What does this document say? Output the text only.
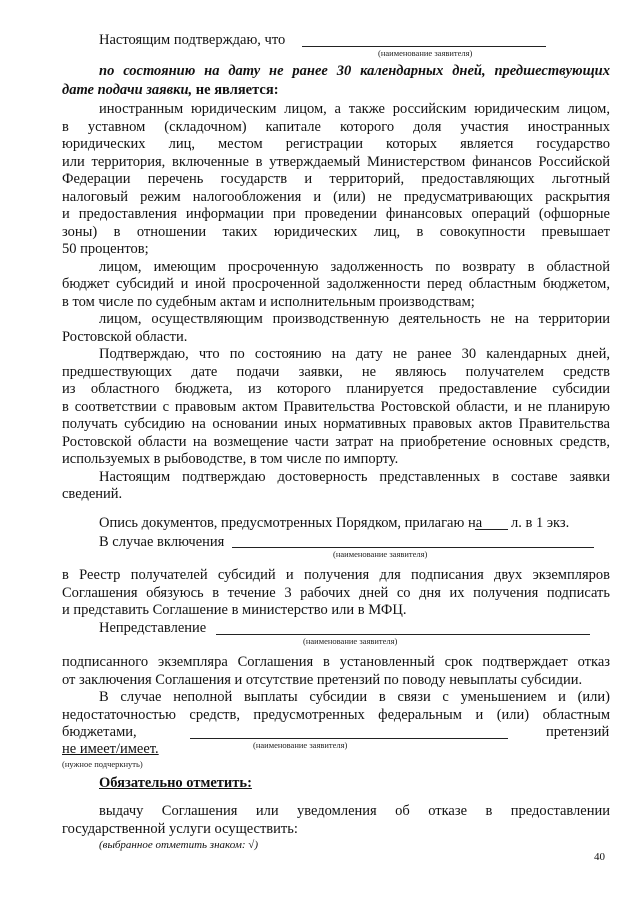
Настоящим подтверждаю, что
(наименование заявителя)

по состоянию на дату не ранее 30 календарных дней, предшествующих

дате подачи заявки, не является:

иностранным юридическим лицом, а также российским юридическим лицом,

в уставном (складочном) капитале которого доля участия иностранных

юридических лиц, местом регистрации которых является государство

или территория, включенные в утверждаемый Министерством финансов Российской

Федерации перечень государств и территорий, предоставляющих льготный

налоговый режим налогообложения и (или) не предусматривающих раскрытия

и предоставления информации при проведении финансовых операций (офшорные

зоны) в отношении таких юридических лиц, в совокупности превышает

50 процентов;

лицом, имеющим просроченную задолженность по возврату в областной

бюджет субсидий и иной просроченной задолженности перед областным бюджетом,

в том числе по судебным актам и исполнительным производствам;

лицом, осуществляющим производственную деятельность не на территории

Ростовской области.

Подтверждаю, что по состоянию на дату не ранее 30 календарных дней,

предшествующих дате подачи заявки, не являюсь получателем средств

из областного бюджета, из которого планируется предоставление субсидии

в соответствии с правовым актом Правительства Ростовской области, и не планирую

получать субсидию на основании иных нормативных правовых актов Правительства

Ростовской области на возмещение части затрат на приобретение основных средств,

используемых в рыбоводстве, в том числе по импорту.

Настоящим подтверждаю достоверность представленных в составе заявки

сведений.

Опись документов, предусмотренных Порядком, прилагаю на л. в 1 экз.
В случае включения
(наименование заявителя)

в Реестр получателей субсидий и получения для подписания двух экземпляров

Соглашения обязуюсь в течение 3 рабочих дней со дня их получения подписать

и представить Соглашение в министерство или в МФЦ.

Непредставление
(наименование заявителя)

подписанного экземпляра Соглашения в установленный срок подтверждает отказ

от заключения Соглашения и отсутствие претензий по поводу невыплаты субсидии.

В случае неполной выплаты субсидии в связи с уменьшением и (или)

недостаточностью средств, предусмотренных федеральным и (или) областным

бюджетами,	претензий
(наименование заявителя)
не имеет/имеет.
(нужное подчеркнуть)
Обязательно отметить:

выдачу Соглашения или уведомления об отказе в предоставлении

государственной услуги осуществить:

(выбранное отметить знаком: √)
40
